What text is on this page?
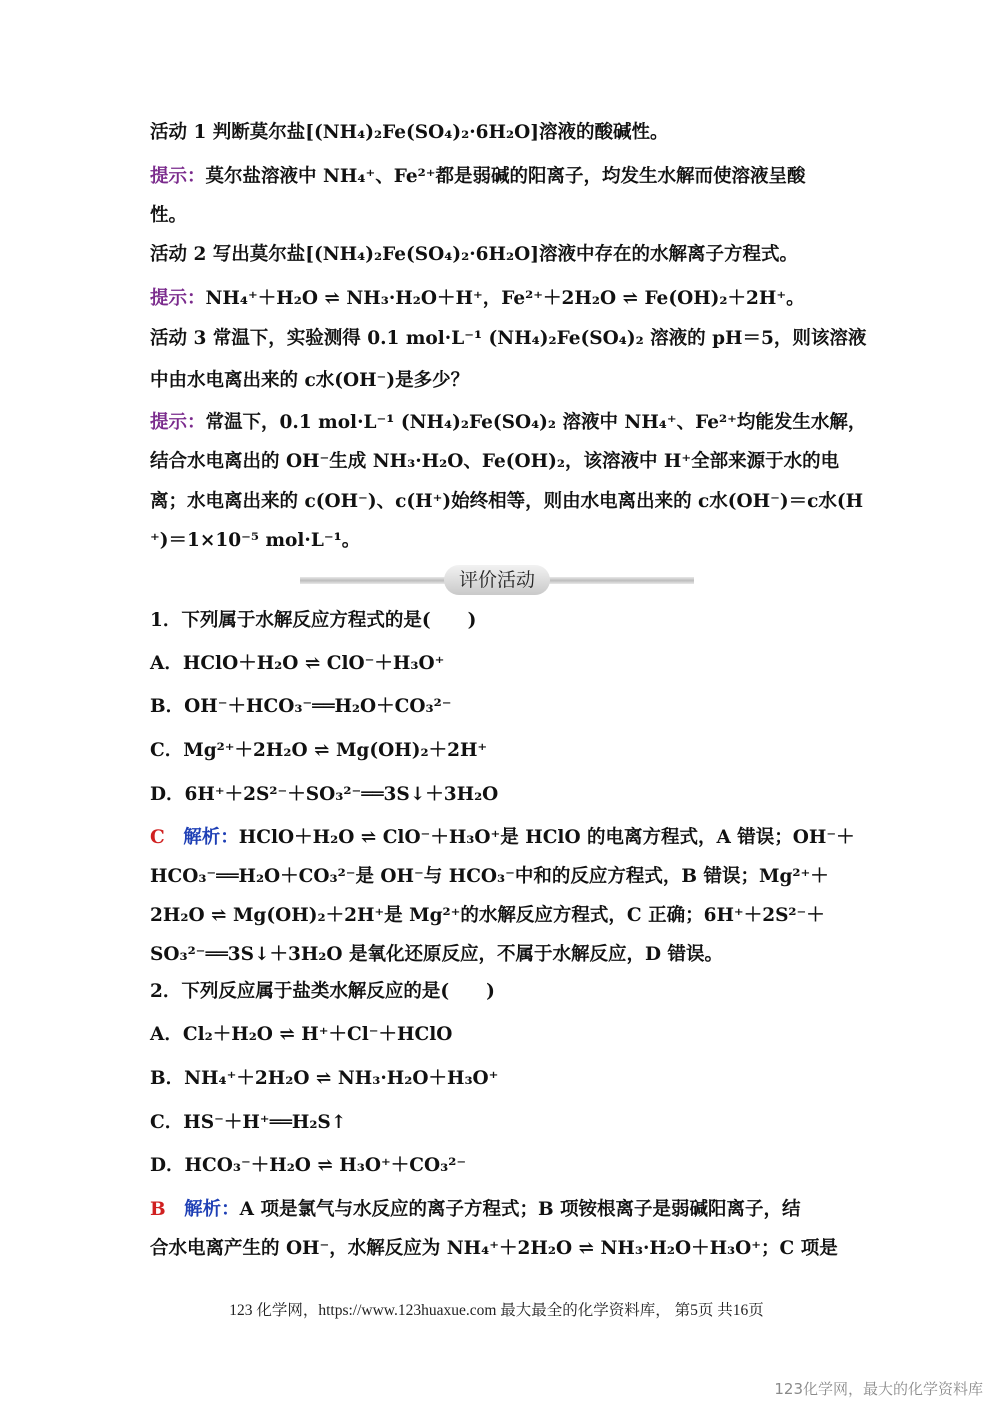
活动 1 判断莫尔盐[(NH₄)₂Fe(SO₄)₂·6H₂O]溶液的酸碱性。
提示：莫尔盐溶液中 NH₄⁺、Fe²⁺都是弱碱的阳离子，均发生水解而使溶液呈酸
性。
活动 2 写出莫尔盐[(NH₄)₂Fe(SO₄)₂·6H₂O]溶液中存在的水解离子方程式。
提示：NH₄⁺＋H₂O ⇌ NH₃·H₂O＋H⁺，Fe²⁺＋2H₂O ⇌ Fe(OH)₂＋2H⁺。
活动 3 常温下，实验测得 0.1 mol·L⁻¹ (NH₄)₂Fe(SO₄)₂ 溶液的 pH＝5，则该溶液
中由水电离出来的 c水(OH⁻)是多少？
提示：常温下，0.1 mol·L⁻¹ (NH₄)₂Fe(SO₄)₂ 溶液中 NH₄⁺、Fe²⁺均能发生水解，
结合水电离出的 OH⁻生成 NH₃·H₂O、Fe(OH)₂，该溶液中 H⁺全部来源于水的电
离；水电离出来的 c(OH⁻)、c(H⁺)始终相等，则由水电离出来的 c水(OH⁻)＝c水(H
⁺)＝1×10⁻⁵ mol·L⁻¹。
评价活动
1．下列属于水解反应方程式的是(　　)
A．HClO＋H₂O ⇌ ClO⁻＋H₃O⁺
B．OH⁻＋HCO₃⁻══H₂O＋CO₃²⁻
C．Mg²⁺＋2H₂O ⇌ Mg(OH)₂＋2H⁺
D．6H⁺＋2S²⁻＋SO₃²⁻══3S↓＋3H₂O
C　 解析：HClO＋H₂O ⇌ ClO⁻＋H₃O⁺是 HClO 的电离方程式，A 错误；OH⁻＋
HCO₃⁻══H₂O＋CO₃²⁻是 OH⁻与 HCO₃⁻中和的反应方程式，B 错误；Mg²⁺＋
2H₂O ⇌ Mg(OH)₂＋2H⁺是 Mg²⁺的水解反应方程式，C 正确；6H⁺＋2S²⁻＋
SO₃²⁻══3S↓＋3H₂O 是氧化还原反应，不属于水解反应，D 错误。
2．下列反应属于盐类水解反应的是(　　)
A．Cl₂＋H₂O ⇌ H⁺＋Cl⁻＋HClO
B．NH₄⁺＋2H₂O ⇌ NH₃·H₂O＋H₃O⁺
C．HS⁻＋H⁺══H₂S↑
D．HCO₃⁻＋H₂O ⇌ H₃O⁺＋CO₃²⁻
B　 解析：A 项是氯气与水反应的离子方程式；B 项铵根离子是弱碱阳离子，结
合水电离产生的 OH⁻，水解反应为 NH₄⁺＋2H₂O ⇌ NH₃·H₂O＋H₃O⁺；C 项是
123 化学网，https://www.123huaxue.com 最大最全的化学资料库， 第5页 共16页
123化学网，最大的化学资料库
